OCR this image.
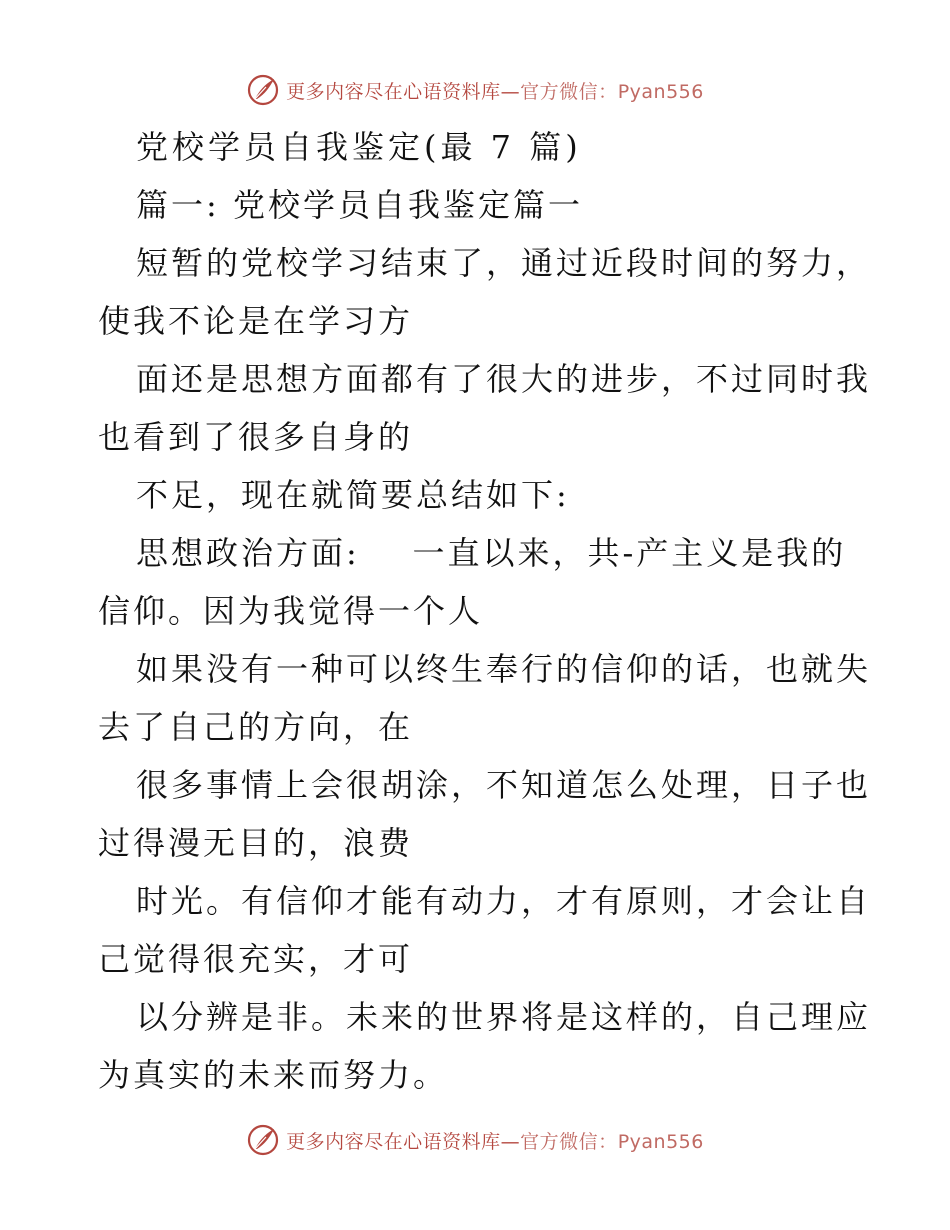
更多内容尽在心语资料库—官方微信：Pyan556
党校学员自我鉴定(最 7 篇)
篇一: 党校学员自我鉴定篇一
短暂的党校学习结束了，通过近段时间的努力，
使我不论是在学习方
面还是思想方面都有了很大的进步，不过同时我
也看到了很多自身的
不足，现在就简要总结如下:
思想政治方面:    一直以来，共-产主义是我的
信仰。因为我觉得一个人
如果没有一种可以终生奉行的信仰的话，也就失
去了自己的方向，在
很多事情上会很胡涂，不知道怎么处理，日子也
过得漫无目的，浪费
时光。有信仰才能有动力，才有原则，才会让自
己觉得很充实，才可
以分辨是非。未来的世界将是这样的，自己理应
为真实的未来而努力。
更多内容尽在心语资料库—官方微信：Pyan556
